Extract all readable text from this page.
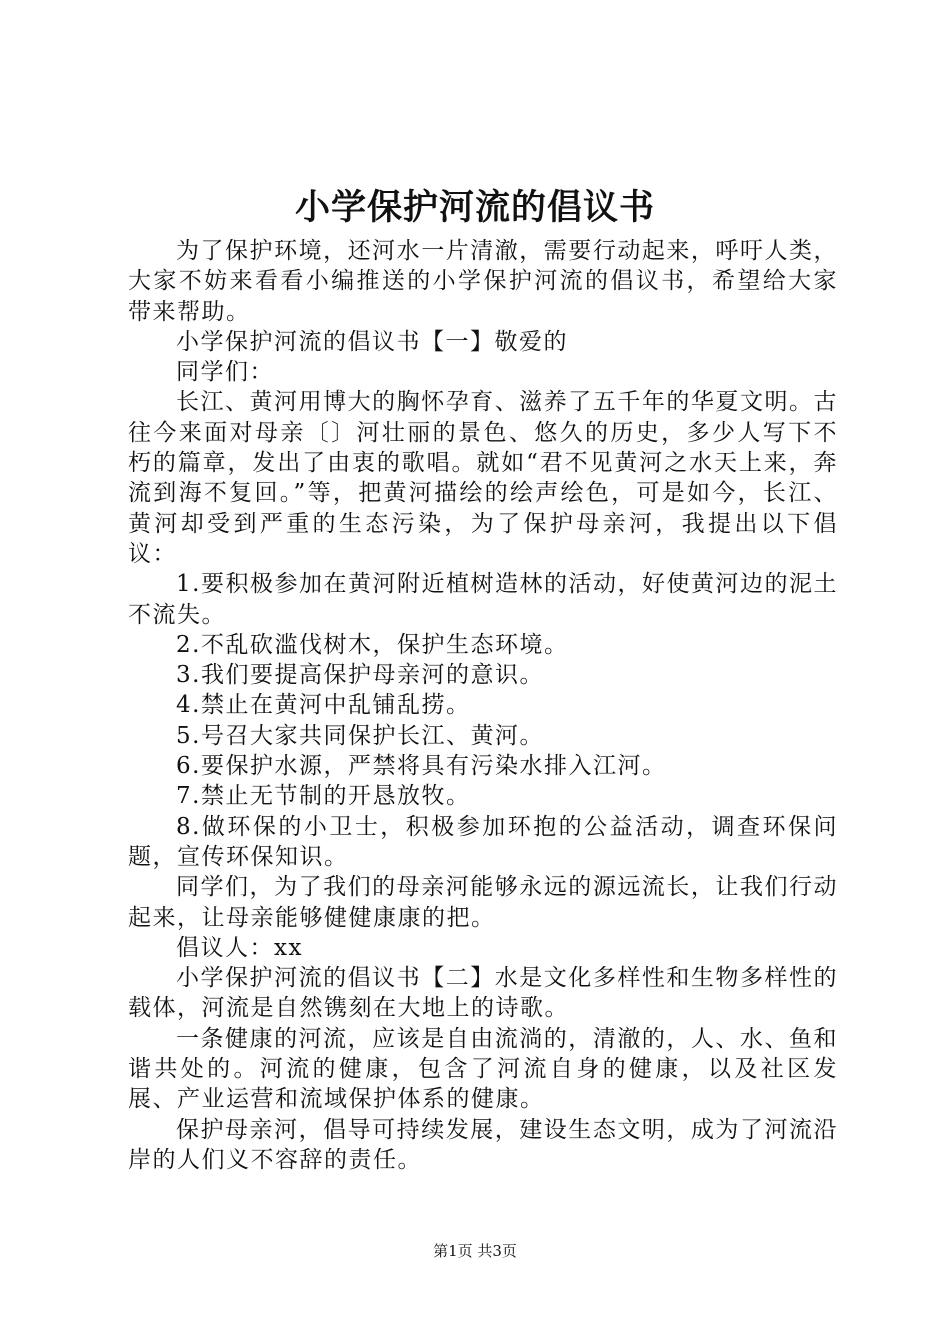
小学保护河流的倡议书

为了保护环境，还河水一片清澈，需要行动起来，呼吁人类，大家不妨来看看小编推送的小学保护河流的倡议书，希望给大家带来帮助。

小学保护河流的倡议书【一】敬爱的

同学们：

长江、黄河用博大的胸怀孕育、滋养了五千年的华夏文明。古往今来面对母亲〔〕河壮丽的景色、悠久的历史，多少人写下不朽的篇章，发出了由衷的歌唱。就如“君不见黄河之水天上来，奔流到海不复回。”等，把黄河描绘的绘声绘色，可是如今，长江、黄河却受到严重的生态污染，为了保护母亲河，我提出以下倡议：

1.要积极参加在黄河附近植树造林的活动，好使黄河边的泥土不流失。

2.不乱砍滥伐树木，保护生态环境。

3.我们要提高保护母亲河的意识。

4.禁止在黄河中乱铺乱捞。

5.号召大家共同保护长江、黄河。

6.要保护水源，严禁将具有污染水排入江河。

7.禁止无节制的开恳放牧。

8.做环保的小卫士，积极参加环抱的公益活动，调查环保问题，宣传环保知识。

同学们，为了我们的母亲河能够永远的源远流长，让我们行动起来，让母亲能够健健康康的把。

倡议人：xx

小学保护河流的倡议书【二】水是文化多样性和生物多样性的载体，河流是自然镌刻在大地上的诗歌。

一条健康的河流，应该是自由流淌的，清澈的，人、水、鱼和谐共处的。河流的健康，包含了河流自身的健康，以及社区发展、产业运营和流域保护体系的健康。

保护母亲河，倡导可持续发展，建设生态文明，成为了河流沿岸的人们义不容辞的责任。

第1页 共3页
